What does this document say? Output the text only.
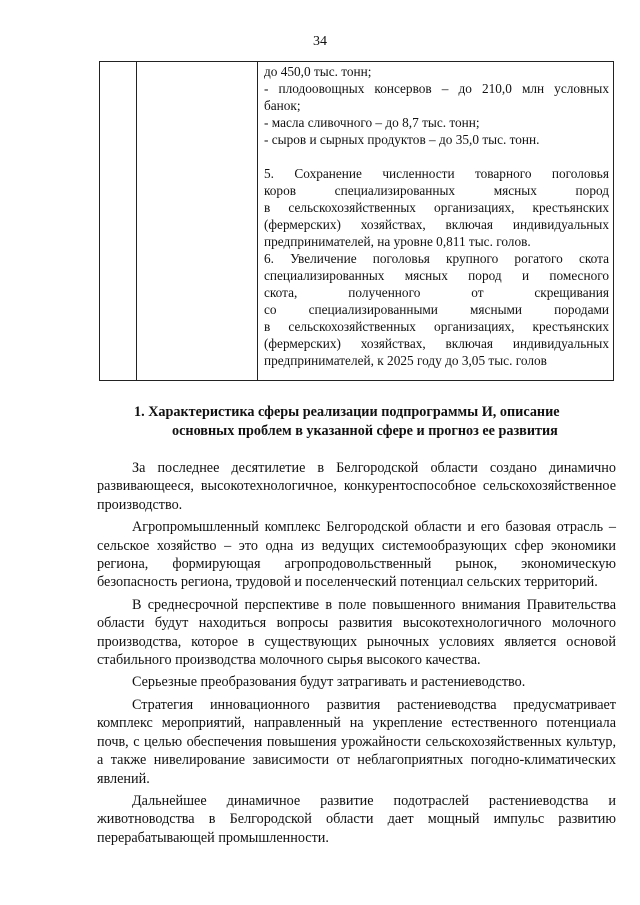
34

до 450,0 тыс. тонн;
- плодоовощных консервов – до 210,0 млн условных
банок;
- масла сливочного – до 8,7 тыс. тонн;
- сыров и сырных продуктов – до 35,0 тыс. тонн.
5. Сохранение численности товарного поголовья
коров специализированных мясных пород
в сельскохозяйственных организациях, крестьянских
(фермерских) хозяйствах, включая индивидуальных
предпринимателей, на уровне 0,811 тыс. голов.
6. Увеличение поголовья крупного рогатого скота
специализированных мясных пород и помесного
скота, полученного от скрещивания
со специализированными мясными породами
в сельскохозяйственных организациях, крестьянских
(фермерских) хозяйствах, включая индивидуальных
предпринимателей, к 2025 году до 3,05 тыс. голов
1. Характеристика сферы реализации подпрограммы И, описание
основных проблем в указанной сфере и прогноз ее развития

За последнее десятилетие в Белгородской области создано динамично развивающееся, высокотехнологичное, конкурентоспособное сельскохозяйственное производство.

Агропромышленный комплекс Белгородской области и его базовая отрасль – сельское хозяйство – это одна из ведущих системообразующих сфер экономики региона, формирующая агропродовольственный рынок, экономическую безопасность региона, трудовой и поселенческий потенциал сельских территорий.

В среднесрочной перспективе в поле повышенного внимания Правительства области будут находиться вопросы развития высокотехнологичного молочного производства, которое в существующих рыночных условиях является основой стабильного производства молочного сырья высокого качества.

Серьезные преобразования будут затрагивать и растениеводство.

Стратегия инновационного развития растениеводства предусматривает комплекс мероприятий, направленный на укрепление естественного потенциала почв, с целью обеспечения повышения урожайности сельскохозяйственных культур, а также нивелирование зависимости от неблагоприятных погодно-климатических явлений.

Дальнейшее динамичное развитие подотраслей растениеводства и животноводства в Белгородской области дает мощный импульс развитию перерабатывающей промышленности.
